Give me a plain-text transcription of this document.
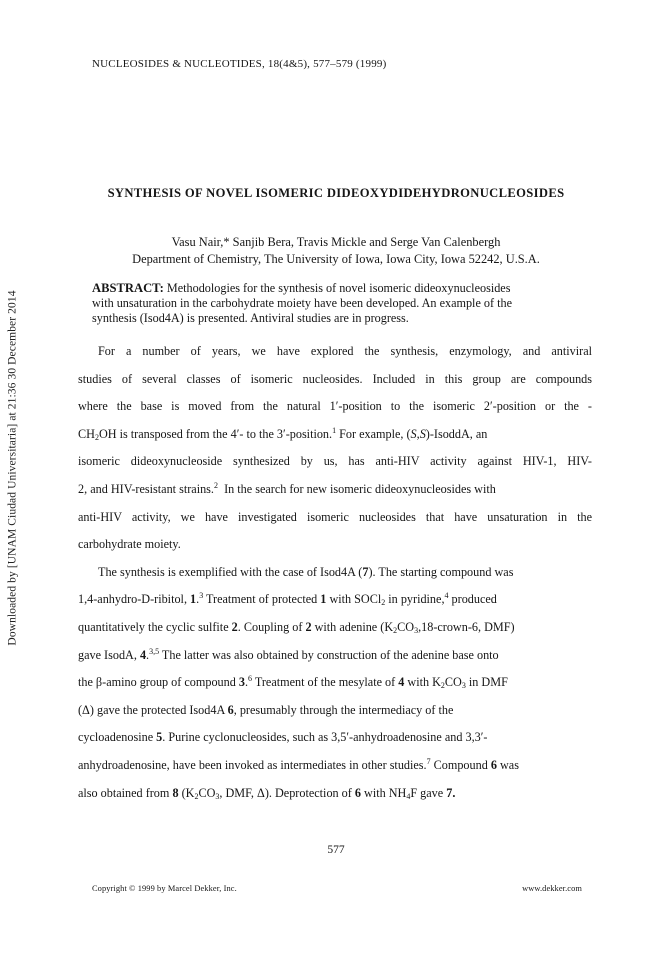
Downloaded by [UNAM Ciudad Universitaria] at 21:36 30 December 2014
NUCLEOSIDES & NUCLEOTIDES, 18(4&5), 577–579 (1999)
SYNTHESIS OF NOVEL ISOMERIC DIDEOXYDIDEHYDRONUCLEOSIDES
Vasu Nair,* Sanjib Bera, Travis Mickle and Serge Van Calenbergh
Department of Chemistry, The University of Iowa, Iowa City, Iowa 52242, U.S.A.
ABSTRACT: Methodologies for the synthesis of novel isomeric dideoxynucleosides
with unsaturation in the carbohydrate moiety have been developed. An example of the
synthesis (Isod4A) is presented. Antiviral studies are in progress.
For a number of years, we have explored the synthesis, enzymology, and antiviral
studies of several classes of isomeric nucleosides. Included in this group are compounds
where the base is moved from the natural 1′-position to the isomeric 2′-position or the -
$CH_2OH$ is transposed from the 4′- to the 3′-position.$^1$ For example, (S,S)-IsoddA, an
isomeric dideoxynucleoside synthesized by us, has anti-HIV activity against HIV-1, HIV-
2, and HIV-resistant strains.$^2$ In the search for new isomeric dideoxynucleosides with
anti-HIV activity, we have investigated isomeric nucleosides that have unsaturation in the
carbohydrate moiety.
The synthesis is exemplified with the case of Isod4A (7). The starting compound was
1,4-anhydro-D-ribitol, 1.$^3$ Treatment of protected 1 with SOCl$_2$ in pyridine,$^4$ produced
quantitatively the cyclic sulfite 2. Coupling of 2 with adenine ($K_2CO_3,18-crown-6$, DMF)
gave IsodA, 4.$^{3,5}$ The latter was also obtained by construction of the adenine base onto
the β-amino group of compound 3.$^6$ Treatment of the mesylate of 4 with $K_2CO_3$ in DMF
(Δ) gave the protected Isod4A 6, presumably through the intermediacy of the
cycloadenosine 5. Purine cyclonucleosides, such as 3,5′-anhydroadenosine and 3,3′-
anhydroadenosine, have been invoked as intermediates in other studies.$^7$ Compound 6 was
also obtained from 8 ($K_2CO_3$, DMF, Δ). Deprotection of 6 with $NH_4F$ gave 7.
577
Copyright © 1999 by Marcel Dekker, Inc.	www.dekker.com
